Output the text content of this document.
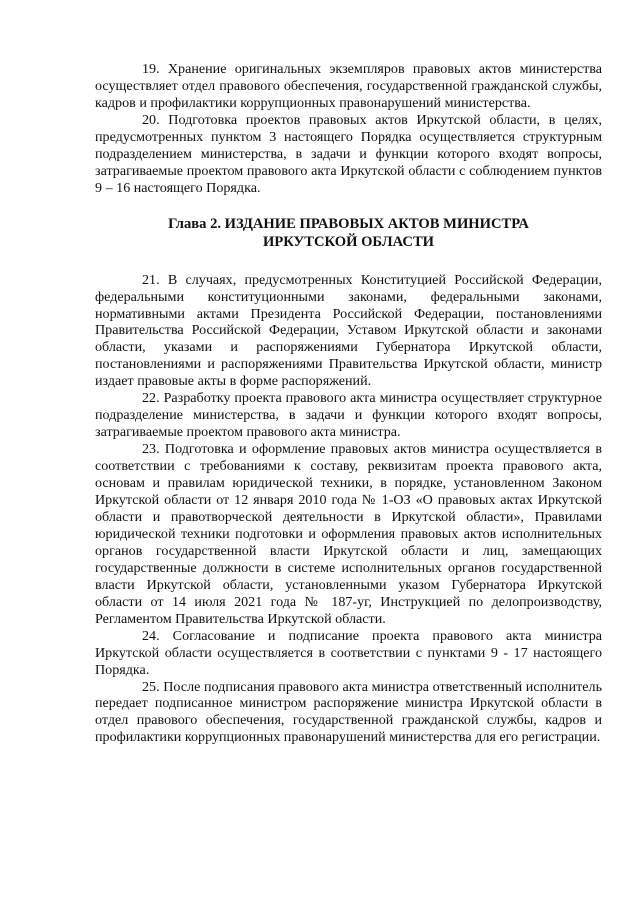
19. Хранение оригинальных экземпляров правовых актов министерства осуществляет отдел правового обеспечения, государственной гражданской службы, кадров и профилактики коррупционных правонарушений министерства.

20. Подготовка проектов правовых актов Иркутской области, в целях, предусмотренных пунктом 3 настоящего Порядка осуществляется структурным подразделением министерства, в задачи и функции которого входят вопросы, затрагиваемые проектом правового акта Иркутской области с соблюдением пунктов 9 – 16 настоящего Порядка.

Глава 2. ИЗДАНИЕ ПРАВОВЫХ АКТОВ МИНИСТРА
ИРКУТСКОЙ ОБЛАСТИ

21. В случаях, предусмотренных Конституцией Российской Федерации, федеральными конституционными законами, федеральными законами, нормативными актами Президента Российской Федерации, постановлениями Правительства Российской Федерации, Уставом Иркутской области и законами области, указами и распоряжениями Губернатора Иркутской области, постановлениями и распоряжениями Правительства Иркутской области, министр издает правовые акты в форме распоряжений.

22. Разработку проекта правового акта министра осуществляет структурное подразделение министерства, в задачи и функции которого входят вопросы, затрагиваемые проектом правового акта министра.

23. Подготовка и оформление правовых актов министра осуществляется в соответствии с требованиями к составу, реквизитам проекта правового акта, основам и правилам юридической техники, в порядке, установленном Законом Иркутской области от 12 января 2010 года № 1-ОЗ «О правовых актах Иркутской области и правотворческой деятельности в Иркутской области», Правилами юридической техники подготовки и оформления правовых актов исполнительных органов государственной власти Иркутской области и лиц, замещающих государственные должности в системе исполнительных органов государственной власти Иркутской области, установленными указом Губернатора Иркутской области от 14 июля 2021 года № 187-уг, Инструкцией по делопроизводству, Регламентом Правительства Иркутской области.

24. Согласование и подписание проекта правового акта министра Иркутской области осуществляется в соответствии с пунктами 9 - 17 настоящего Порядка.

25. После подписания правового акта министра ответственный исполнитель передает подписанное министром распоряжение министра Иркутской области в отдел правового обеспечения, государственной гражданской службы, кадров и профилактики коррупционных правонарушений министерства для его регистрации.
